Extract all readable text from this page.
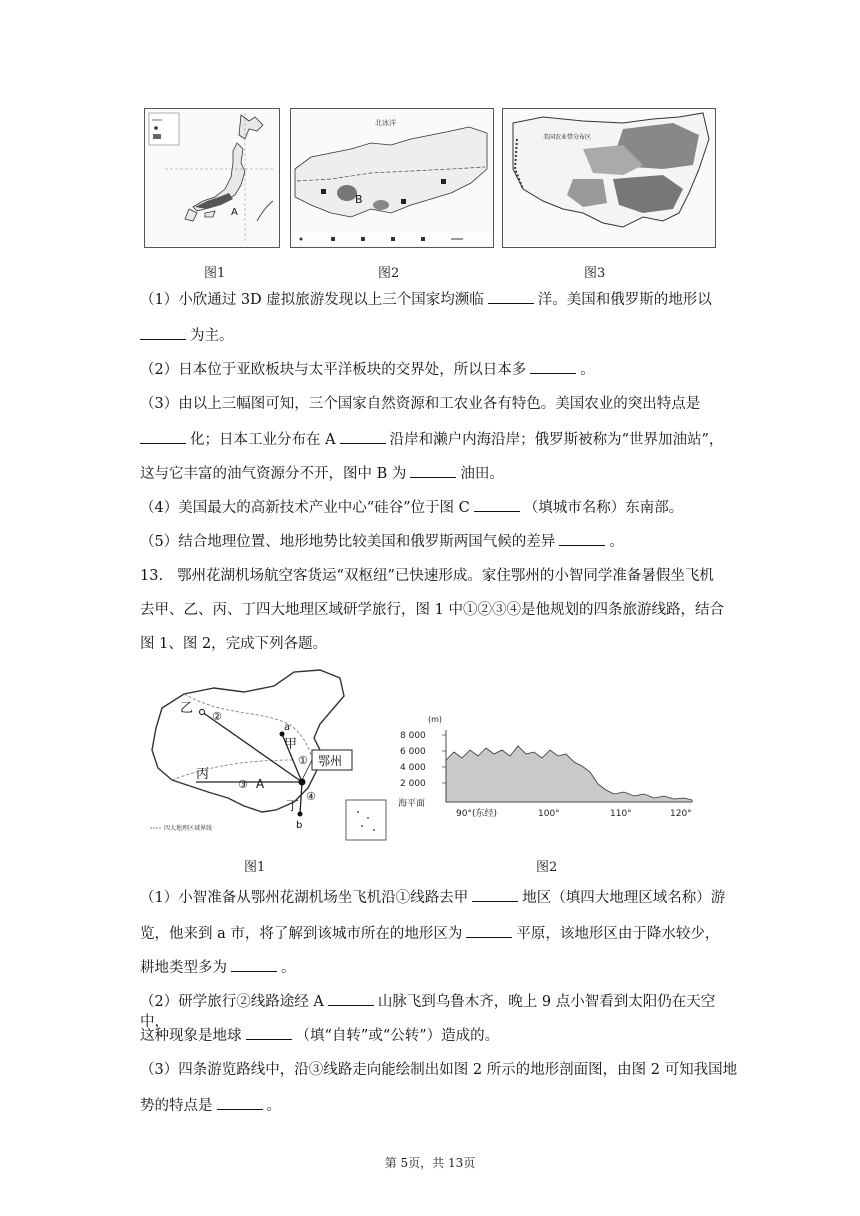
A
北冰洋
B
美国农业带分布区
图1	图2	图3
（1）小欣通过 3D 虚拟旅游发现以上三个国家均濒临	洋。美国和俄罗斯的地形以
为主。
（2）日本位于亚欧板块与太平洋板块的交界处，所以日本多	。
（3）由以上三幅图可知，三个国家自然资源和工农业各有特色。美国农业的突出特点是
化；日本工业分布在 A	沿岸和濑户内海沿岸；俄罗斯被称为“世界加油站”，
这与它丰富的油气资源分不开，图中 B 为	油田。
（4）美国最大的高新技术产业中心“硅谷”位于图 C	（填城市名称）东南部。
（5）结合地理位置、地形地势比较美国和俄罗斯两国气候的差异	。
13. 鄂州花湖机场航空客货运“双枢纽”已快速形成。家住鄂州的小智同学准备暑假坐飞机
去甲、乙、丙、丁四大地理区域研学旅行，图 1 中①②③④是他规划的四条旅游线路，结合
图 1、图 2，完成下列各题。
乙
②
a
甲
① 鄂州
丙
③ A
④
丁
b
四大地理区域界线
图1
(m)
8 000
6 000
4 000
2 000
海平面
90°(东经)	100°	110°	120°
图2
（1）小智准备从鄂州花湖机场坐飞机沿①线路去甲	地区（填四大地理区域名称）游
览，他来到 a 市，将了解到该城市所在的地形区为	平原，该地形区由于降水较少，
耕地类型多为	。
（2）研学旅行②线路途经 A	山脉飞到乌鲁木齐，晚上 9 点小智看到太阳仍在天空中，
这种现象是地球	（填“自转”或“公转”）造成的。
（3）四条游览路线中，沿③线路走向能绘制出如图 2 所示的地形剖面图，由图 2 可知我国地
势的特点是	。
第 5页，共 13页
